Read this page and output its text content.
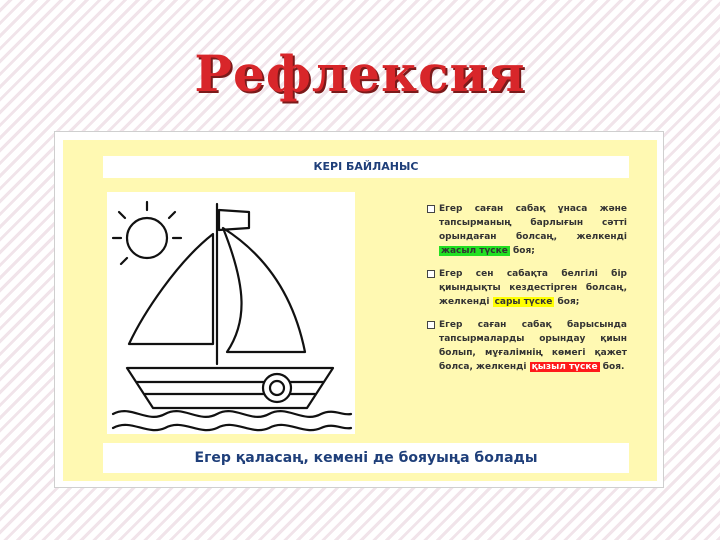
Рефлексия
КЕРІ БАЙЛАНЫС
Егер саған сабақ ұнаса және тапсырманың барлығын сәтті орындаған болсаң, желкенді жасыл түске боя;
Егер сен сабақта белгілі бір қиындықты кездестірген болсаң, желкенді сары түске боя;
Егер саған сабақ барысында тапсырмаларды орындау қиын болып, мұғалімнің көмегі қажет болса, желкенді қызыл түске боя.
Егер қаласаң, кемені де бояуыңа болады
